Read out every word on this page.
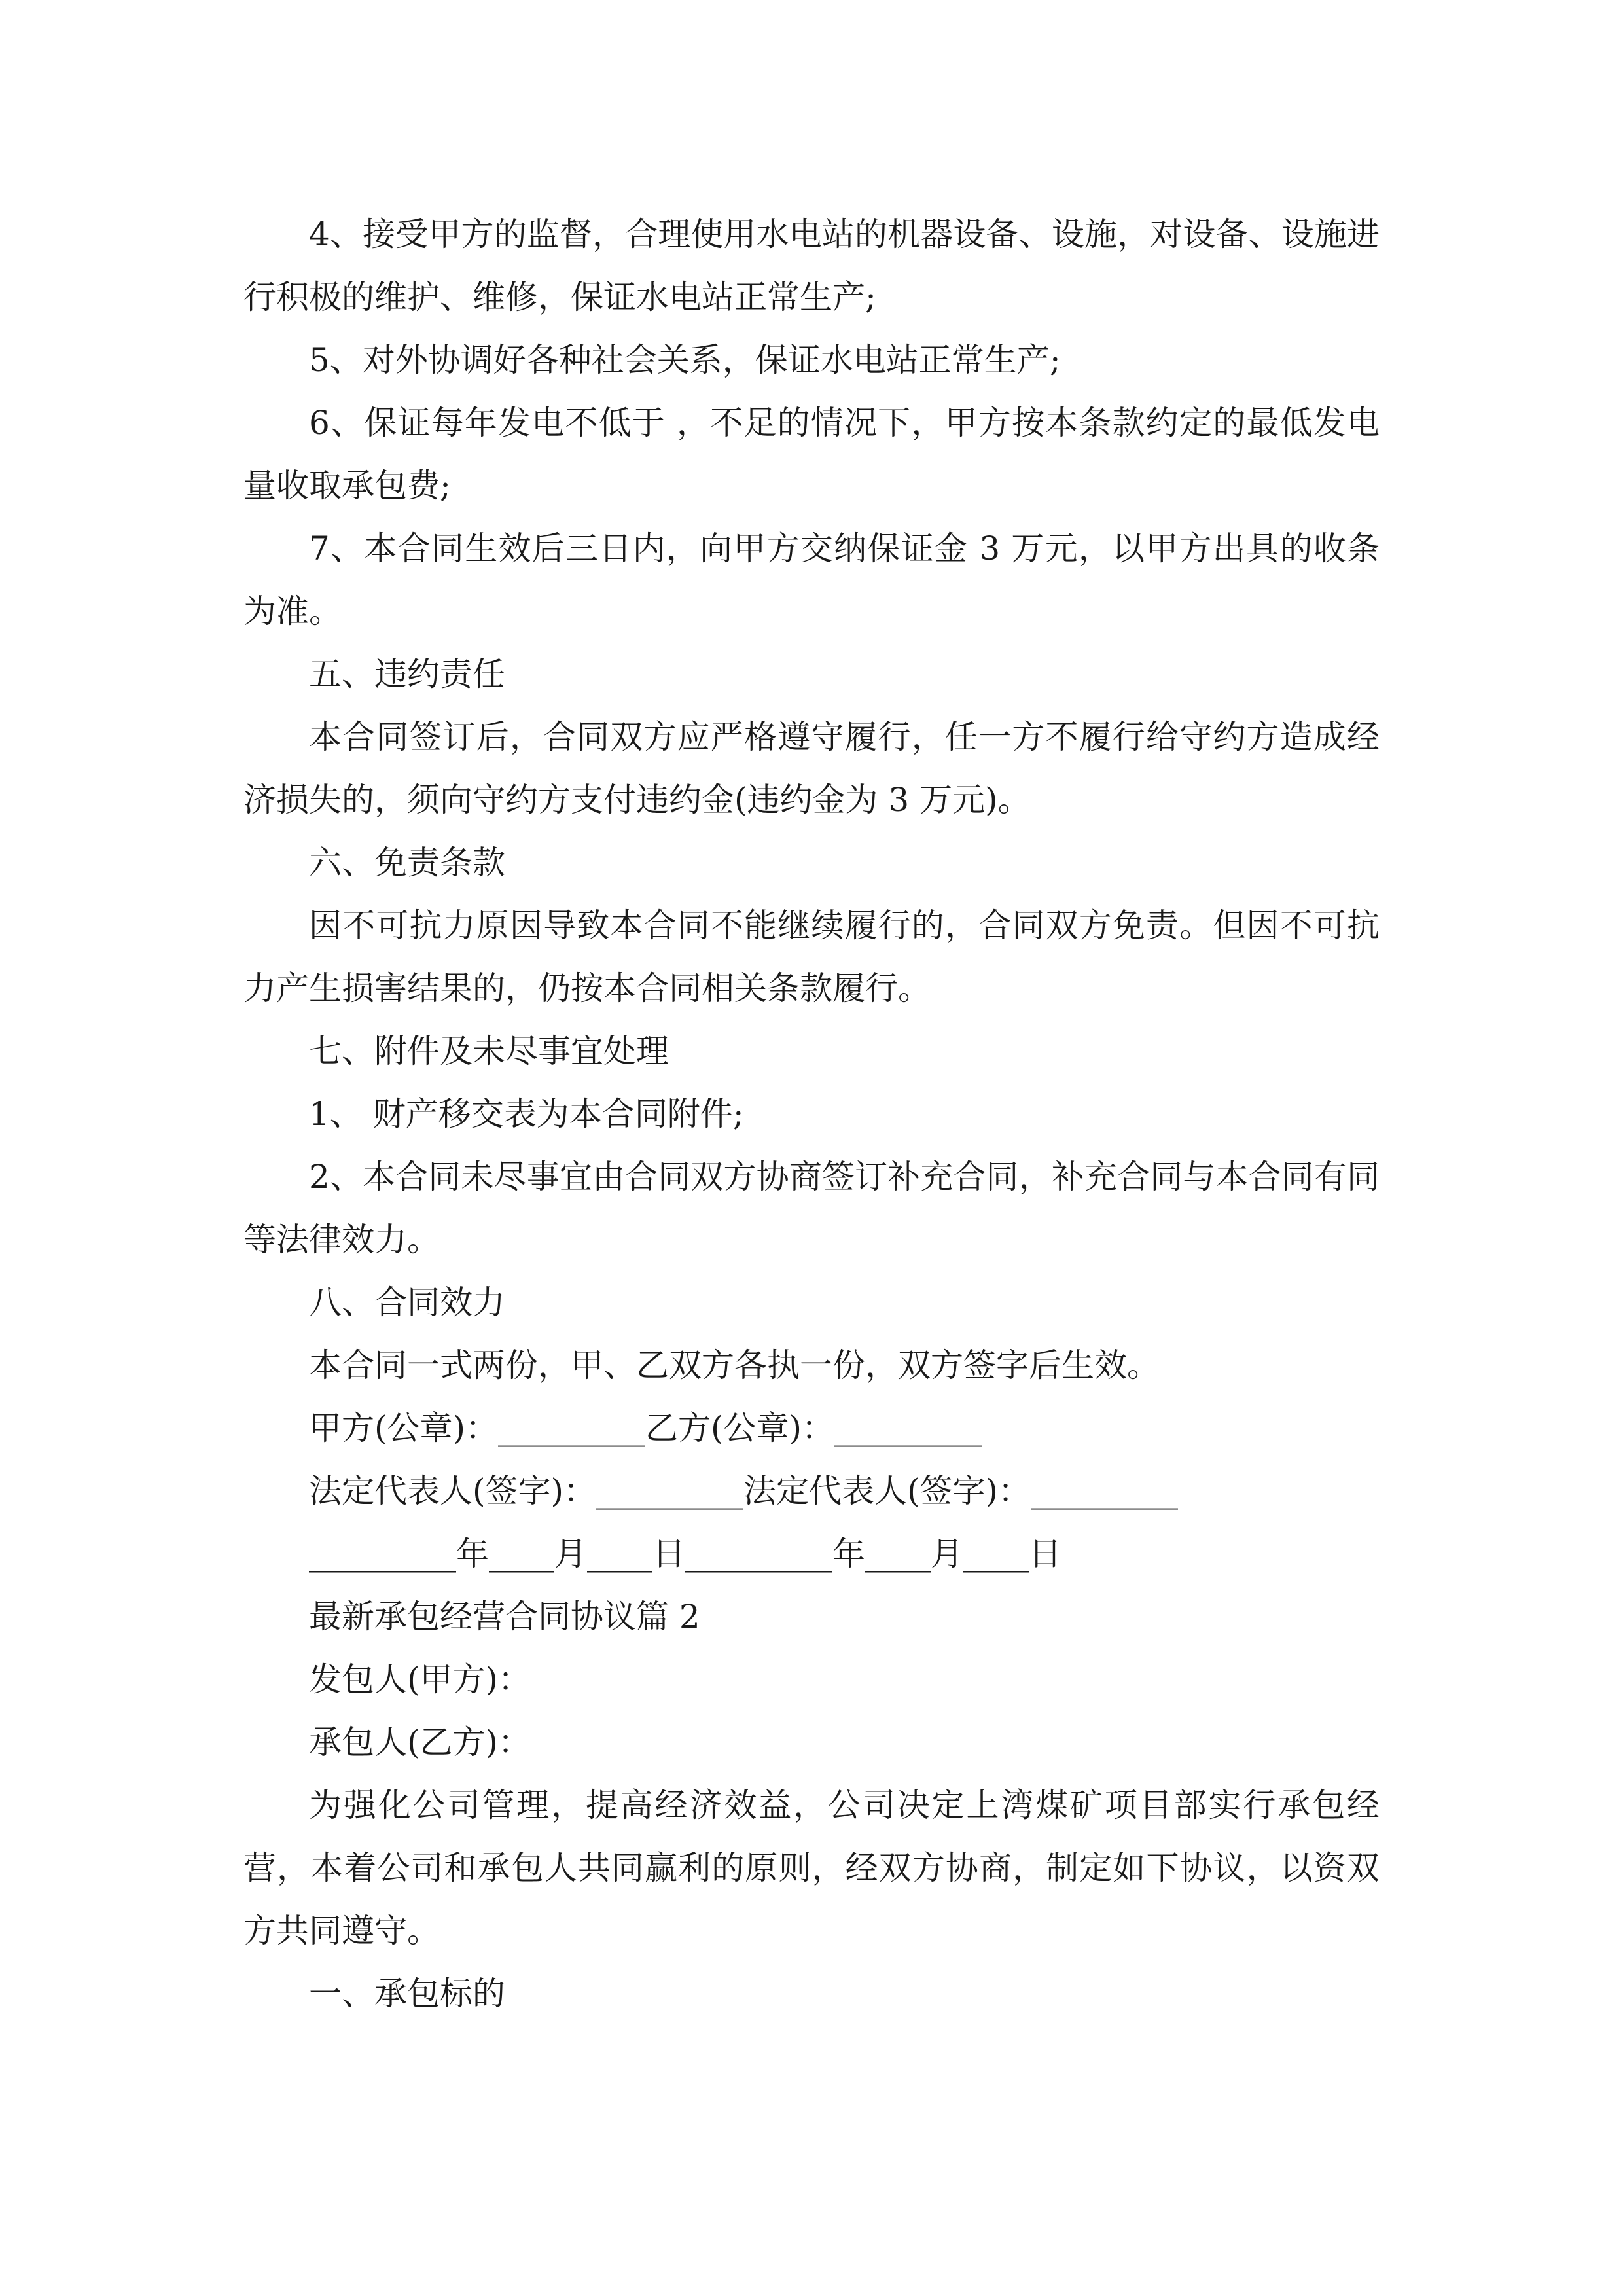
4、接受甲方的监督，合理使用水电站的机器设备、设施，对设备、设施进行积极的维护、维修，保证水电站正常生产;

5、对外协调好各种社会关系，保证水电站正常生产;

6、保证每年发电不低于 ，不足的情况下，甲方按本条款约定的最低发电量收取承包费;

7、本合同生效后三日内，向甲方交纳保证金 3 万元，以甲方出具的收条为准。

五、违约责任

本合同签订后，合同双方应严格遵守履行，任一方不履行给守约方造成经济损失的，须向守约方支付违约金(违约金为 3 万元)。

六、免责条款

因不可抗力原因导致本合同不能继续履行的，合同双方免责。但因不可抗力产生损害结果的，仍按本合同相关条款履行。

七、附件及未尽事宜处理

1、 财产移交表为本合同附件;

2、本合同未尽事宜由合同双方协商签订补充合同，补充合同与本合同有同等法律效力。

八、合同效力

本合同一式两份，甲、乙双方各执一份，双方签字后生效。

甲方(公章)：_________乙方(公章)：_________

法定代表人(签字)：_________法定代表人(签字)：_________

_________年____月____日_________年____月____日

最新承包经营合同协议篇 2

发包人(甲方)：

承包人(乙方)：

为强化公司管理，提高经济效益，公司决定上湾煤矿项目部实行承包经营，本着公司和承包人共同赢利的原则，经双方协商，制定如下协议，以资双方共同遵守。

一、承包标的
